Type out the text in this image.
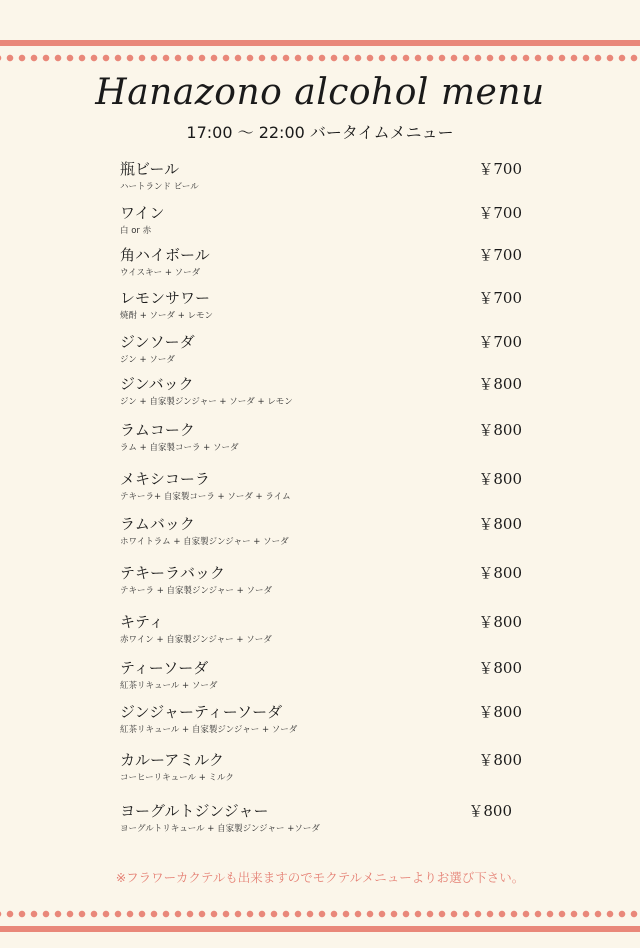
Hanazono alcohol menu
17:00 〜 22:00 バータイムメニュー
瓶ビール
ハートランド ビール
￥700
ワイン
白 or 赤
￥700
角ハイボール
ウイスキー + ソーダ
￥700
レモンサワー
焼酎 + ソーダ + レモン
￥700
ジンソーダ
ジン + ソーダ
￥700
ジンバック
ジン + 自家製ジンジャー + ソーダ + レモン
￥800
ラムコーク
ラム + 自家製コーラ + ソーダ
￥800
メキシコーラ
テキーラ+ 自家製コーラ + ソーダ + ライム
￥800
ラムバック
ホワイトラム + 自家製ジンジャー + ソーダ
￥800
テキーラバック
テキーラ + 自家製ジンジャー + ソーダ
￥800
キティ
赤ワイン + 自家製ジンジャー + ソーダ
￥800
ティーソーダ
紅茶リキュール + ソーダ
￥800
ジンジャーティーソーダ
紅茶リキュール + 自家製ジンジャー + ソーダ
￥800
カルーアミルク
コーヒーリキュール + ミルク
￥800
ヨーグルトジンジャー
ヨーグルトリキュール + 自家製ジンジャー +ソーダ
￥800
※フラワーカクテルも出来ますのでモクテルメニューよりお選び下さい。
